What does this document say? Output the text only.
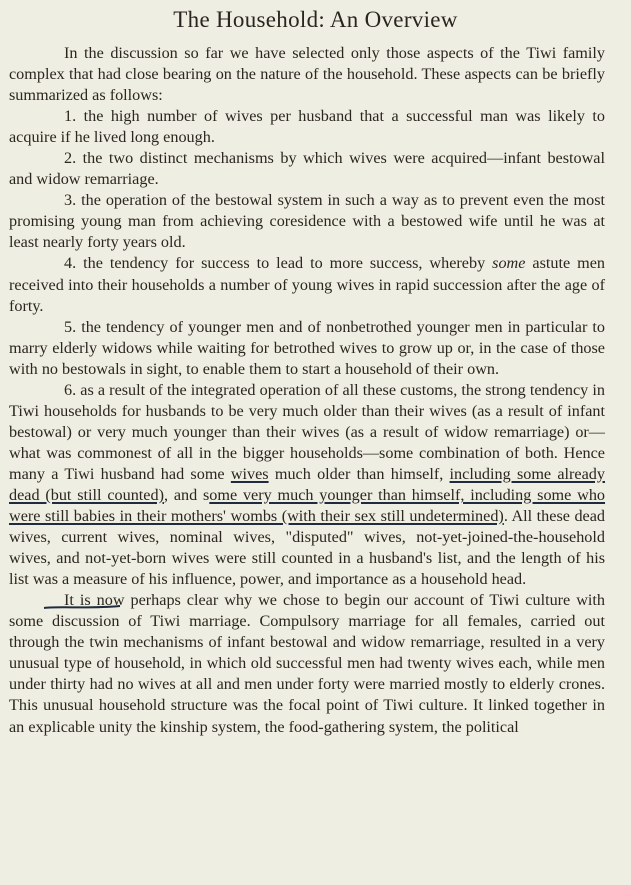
The Household: An Overview

In the discussion so far we have selected only those aspects of the Tiwi family complex that had close bearing on the nature of the household. These aspects can be briefly summarized as follows:

1. the high number of wives per husband that a successful man was likely to acquire if he lived long enough.

2. the two distinct mechanisms by which wives were acquired—infant bestowal and widow remarriage.

3. the operation of the bestowal system in such a way as to prevent even the most promising young man from achieving coresidence with a bestowed wife until he was at least nearly forty years old.

4. the tendency for success to lead to more success, whereby some astute men received into their households a number of young wives in rapid succession after the age of forty.

5. the tendency of younger men and of nonbetrothed younger men in particular to marry elderly widows while waiting for betrothed wives to grow up or, in the case of those with no bestowals in sight, to enable them to start a household of their own.

6. as a result of the integrated operation of all these customs, the strong tendency in Tiwi households for husbands to be very much older than their wives (as a result of infant bestowal) or very much younger than their wives (as a result of widow remarriage) or—what was commonest of all in the bigger households—some combination of both. Hence many a Tiwi husband had some wives much older than himself, including some already dead (but still counted), and some very much younger than himself, including some who were still babies in their mothers' wombs (with their sex still undetermined). All these dead wives, current wives, nominal wives, "disputed" wives, not-yet-joined-the-household wives, and not-yet-born wives were still counted in a husband's list, and the length of his list was a measure of his influence, power, and importance as a household head.

It is now perhaps clear why we chose to begin our account of Tiwi culture with some discussion of Tiwi marriage. Compulsory marriage for all females, carried out through the twin mechanisms of infant bestowal and widow remarriage, resulted in a very unusual type of household, in which old successful men had twenty wives each, while men under thirty had no wives at all and men under forty were married mostly to elderly crones. This unusual household structure was the focal point of Tiwi culture. It linked together in an explicable unity the kinship system, the food-gathering system, the political
